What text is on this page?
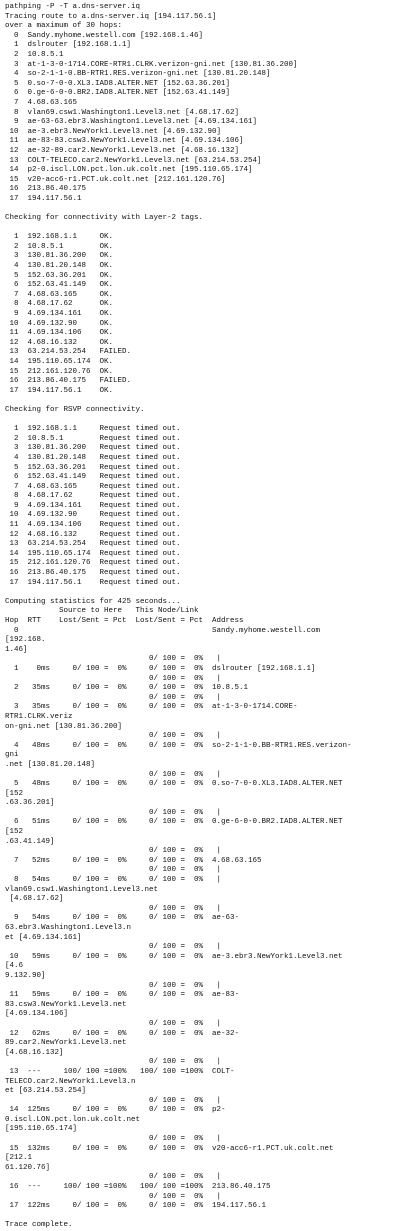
pathping -P -T a.dns-server.iq
Tracing route to a.dns-server.iq [194.117.56.1]
over a maximum of 30 hops:
0  Sandy.myhome.westell.com [192.168.1.46]
1  dslrouter [192.168.1.1]
2  10.8.5.1
3  at-1-3-0-1714.CORE-RTR1.CLRK.verizon-gni.net [130.81.36.200]
4  so-2-1-1-0.BB-RTR1.RES.verizon-gni.net [130.81.20.148]
5  0.so-7-0-0.XL3.IAD8.ALTER.NET [152.63.36.201]
6  0.ge-6-0-0.BR2.IAD8.ALTER.NET [152.63.41.149]
7  4.68.63.165
8  vlan69.csw1.Washington1.Level3.net [4.68.17.62]
9  ae-63-63.ebr3.Washington1.Level3.net [4.69.134.161]
10  ae-3.ebr3.NewYork1.Level3.net [4.69.132.90]
11  ae-83-83.csw3.NewYork1.Level3.net [4.69.134.106]
12  ae-32-89.car2.NewYork1.Level3.net [4.68.16.132]
13  COLT-TELECO.car2.NewYork1.Level3.net [63.214.53.254]
14  p2-0.iscl.LON.pct.lon.uk.colt.net [195.110.65.174]
15  v20-acc6-r1.PCT.uk.colt.net [212.161.120.76]
16  213.86.40.175
17  194.117.56.1
Checking for connectivity with Layer-2 tags.
1  192.168.1.1     OK.
2  10.8.5.1        OK.
3  130.81.36.200   OK.
4  130.81.20.148   OK.
5  152.63.36.201   OK.
6  152.63.41.149   OK.
7  4.68.63.165     OK.
8  4.68.17.62      OK.
9  4.69.134.161    OK.
10  4.69.132.90     OK.
11  4.69.134.106    OK.
12  4.68.16.132     OK.
13  63.214.53.254   FAILED.
14  195.110.65.174  OK.
15  212.161.120.76  OK.
16  213.86.40.175   FAILED.
17  194.117.56.1    OK.
Checking for RSVP connectivity.
1  192.168.1.1     Request timed out.
2  10.8.5.1        Request timed out.
3  130.81.36.200   Request timed out.
4  130.81.20.148   Request timed out.
5  152.63.36.201   Request timed out.
6  152.63.41.149   Request timed out.
7  4.68.63.165     Request timed out.
8  4.68.17.62      Request timed out.
9  4.69.134.161    Request timed out.
10  4.69.132.90     Request timed out.
11  4.69.134.106    Request timed out.
12  4.68.16.132     Request timed out.
13  63.214.53.254   Request timed out.
14  195.110.65.174  Request timed out.
15  212.161.120.76  Request timed out.
16  213.86.40.175   Request timed out.
17  194.117.56.1    Request timed out.
Computing statistics for 425 seconds...
Source to Here   This Node/Link
Hop  RTT    Lost/Sent = Pct  Lost/Sent = Pct  Address
0                                           Sandy.myhome.westell.com
[192.168.
1.46]
0/ 100 =  0%   |
1    0ms     0/ 100 =  0%     0/ 100 =  0%  dslrouter [192.168.1.1]
0/ 100 =  0%   |
2   35ms     0/ 100 =  0%     0/ 100 =  0%  10.8.5.1
0/ 100 =  0%   |
3   35ms     0/ 100 =  0%     0/ 100 =  0%  at-1-3-0-1714.CORE-
RTR1.CLRK.veriz
on-gni.net [130.81.36.200]
0/ 100 =  0%   |
4   48ms     0/ 100 =  0%     0/ 100 =  0%  so-2-1-1-0.BB-RTR1.RES.verizon-
gni
.net [130.81.20.148]
0/ 100 =  0%   |
5   48ms     0/ 100 =  0%     0/ 100 =  0%  0.so-7-0-0.XL3.IAD8.ALTER.NET
[152
.63.36.201]
0/ 100 =  0%   |
6   51ms     0/ 100 =  0%     0/ 100 =  0%  0.ge-6-0-0.BR2.IAD8.ALTER.NET
[152
.63.41.149]
0/ 100 =  0%   |
7   52ms     0/ 100 =  0%     0/ 100 =  0%  4.68.63.165
0/ 100 =  0%   |
8   54ms     0/ 100 =  0%     0/ 100 =  0%   |
vlan69.csw1.Washington1.Level3.net
[4.68.17.62]
0/ 100 =  0%   |
9   54ms     0/ 100 =  0%     0/ 100 =  0%  ae-63-
63.ebr3.Washington1.Level3.n
et [4.69.134.161]
0/ 100 =  0%   |
10   59ms     0/ 100 =  0%     0/ 100 =  0%  ae-3.ebr3.NewYork1.Level3.net
[4.6
9.132.90]
0/ 100 =  0%   |
11   59ms     0/ 100 =  0%     0/ 100 =  0%  ae-83-
83.csw3.NewYork1.Level3.net
[4.69.134.106]
0/ 100 =  0%   |
12   62ms     0/ 100 =  0%     0/ 100 =  0%  ae-32-
89.car2.NewYork1.Level3.net
[4.68.16.132]
0/ 100 =  0%   |
13  ---     100/ 100 =100%   100/ 100 =100%  COLT-
TELECO.car2.NewYork1.Level3.n
et [63.214.53.254]
0/ 100 =  0%   |
14  125ms     0/ 100 =  0%     0/ 100 =  0%  p2-
0.iscl.LON.pct.lon.uk.colt.net
[195.110.65.174]
0/ 100 =  0%   |
15  132ms     0/ 100 =  0%     0/ 100 =  0%  v20-acc6-r1.PCT.uk.colt.net
[212.1
61.120.76]
0/ 100 =  0%   |
16  ---     100/ 100 =100%   100/ 100 =100%  213.86.40.175
0/ 100 =  0%   |
17  122ms     0/ 100 =  0%     0/ 100 =  0%  194.117.56.1
Trace complete.
